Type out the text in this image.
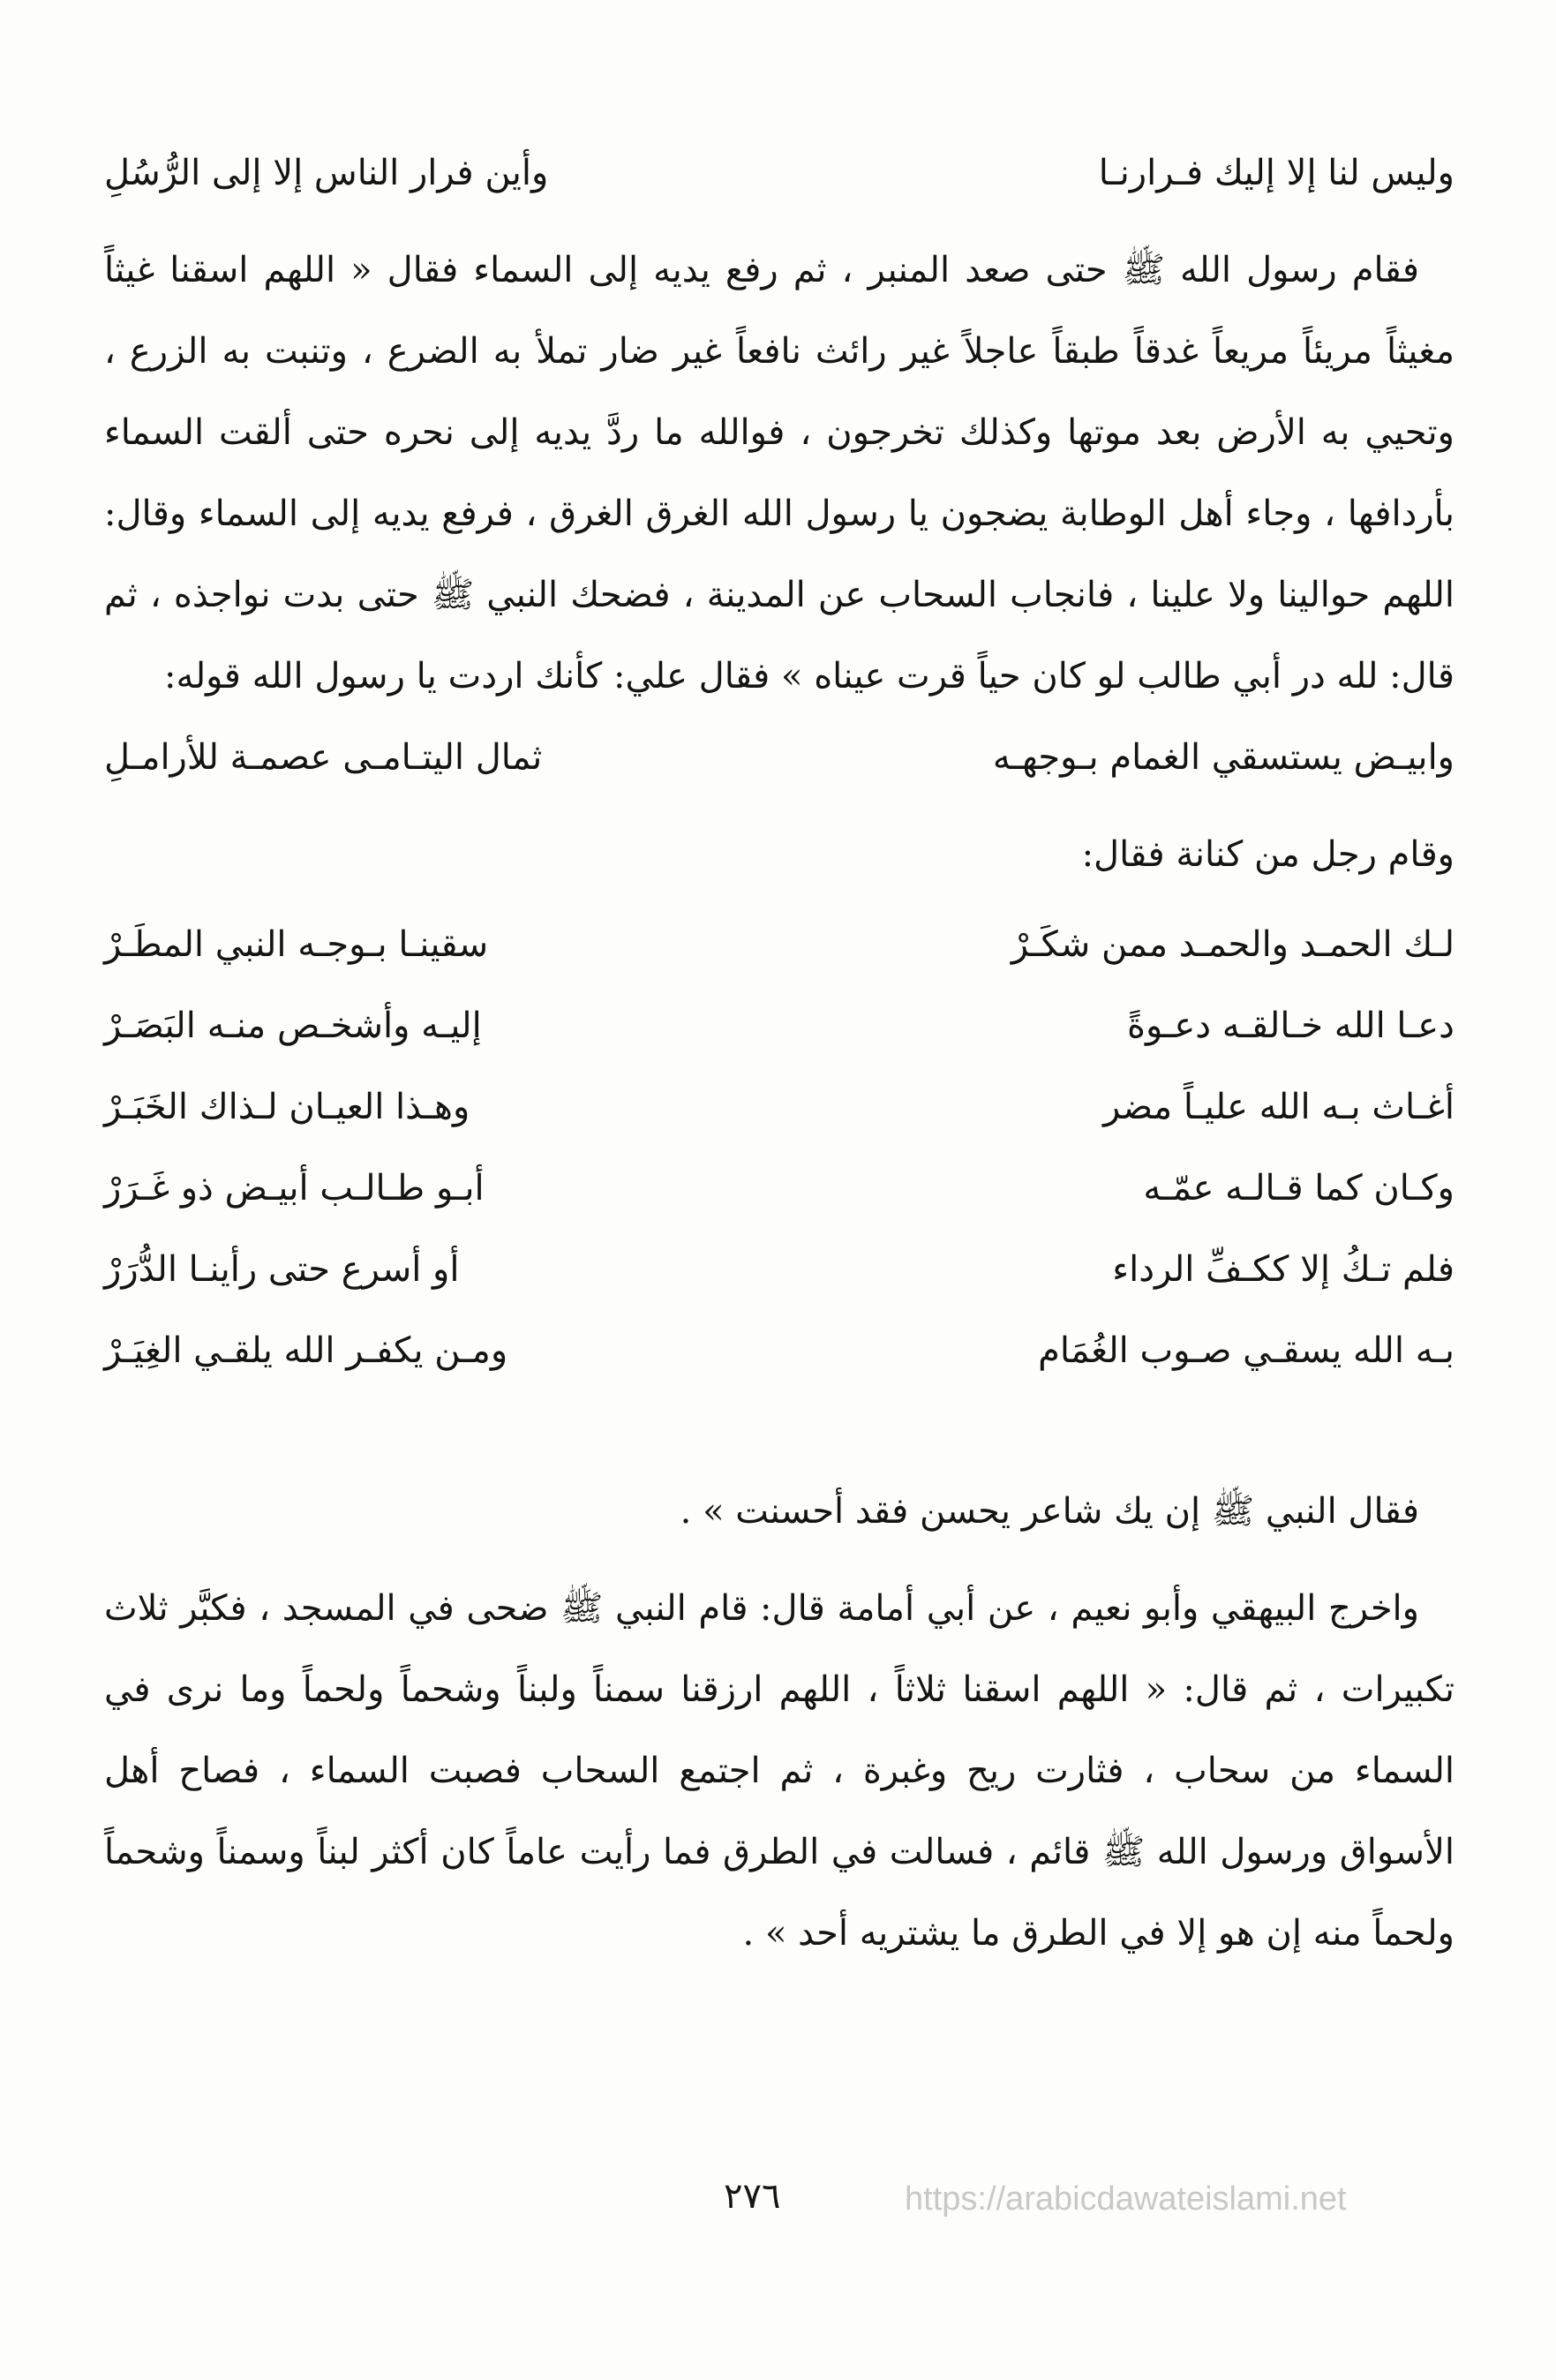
وليس لنا إلا إليك فـرارنـا
وأين فرار الناس إلا إلى الرُّسُلِ

فقام رسول الله ﷺ حتى صعد المنبر ، ثم رفع يديه إلى السماء فقال « اللهم اسقنا غيثاً مغيثاً مريئاً مريعاً غدقاً طبقاً عاجلاً غير رائث نافعاً غير ضار تملأ به الضرع ، وتنبت به الزرع ، وتحيي به الأرض بعد موتها وكذلك تخرجون ، فوالله ما ردَّ يديه إلى نحره حتى ألقت السماء بأردافها ، وجاء أهل الوطابة يضجون يا رسول الله الغرق الغرق ، فرفع يديه إلى السماء وقال: اللهم حوالينا ولا علينا ، فانجاب السحاب عن المدينة ، فضحك النبي ﷺ حتى بدت نواجذه ، ثم قال: لله در أبي طالب لو كان حياً قرت عيناه » فقال علي: كأنك اردت يا رسول الله قوله:

وابيـض يستسقي الغمام بـوجهـه
ثمال اليتـامـى عصمـة للأرامـلِ

وقام رجل من كنانة فقال:

لـك الحمـد والحمـد ممن شكَـرْ
سقينـا بـوجـه النبي المطَـرْ
دعـا الله خـالقـه دعـوةً
إليـه وأشخـص منـه البَصَـرْ
أغـاث بـه الله عليـاً مضر
وهـذا العيـان لـذاك الخَبَـرْ
وكـان كما قـالـه عمّـه
أبـو طـالـب أبيـض ذو غَـرَرْ
فلم تـكُ إلا ككـفِّ الرداء
أو أسرع حتى رأينـا الدُّرَرْ
بـه الله يسقـي صـوب الغُمَام
ومـن يكفـر الله يلقـي الغِيَـرْ

فقال النبي ﷺ إن يك شاعر يحسن فقد أحسنت » .

واخرج البيهقي وأبو نعيم ، عن أبي أمامة قال: قام النبي ﷺ ضحى في المسجد ، فكبَّر ثلاث تكبيرات ، ثم قال: « اللهم اسقنا ثلاثاً ، اللهم ارزقنا سمناً ولبناً وشحماً ولحماً وما نرى في السماء من سحاب ، فثارت ريح وغبرة ، ثم اجتمع السحاب فصبت السماء ، فصاح أهل الأسواق ورسول الله ﷺ قائم ، فسالت في الطرق فما رأيت عاماً كان أكثر لبناً وسمناً وشحماً ولحماً منه إن هو إلا في الطرق ما يشتريه أحد » .

٢٧٦	https://arabicdawateislami.net
